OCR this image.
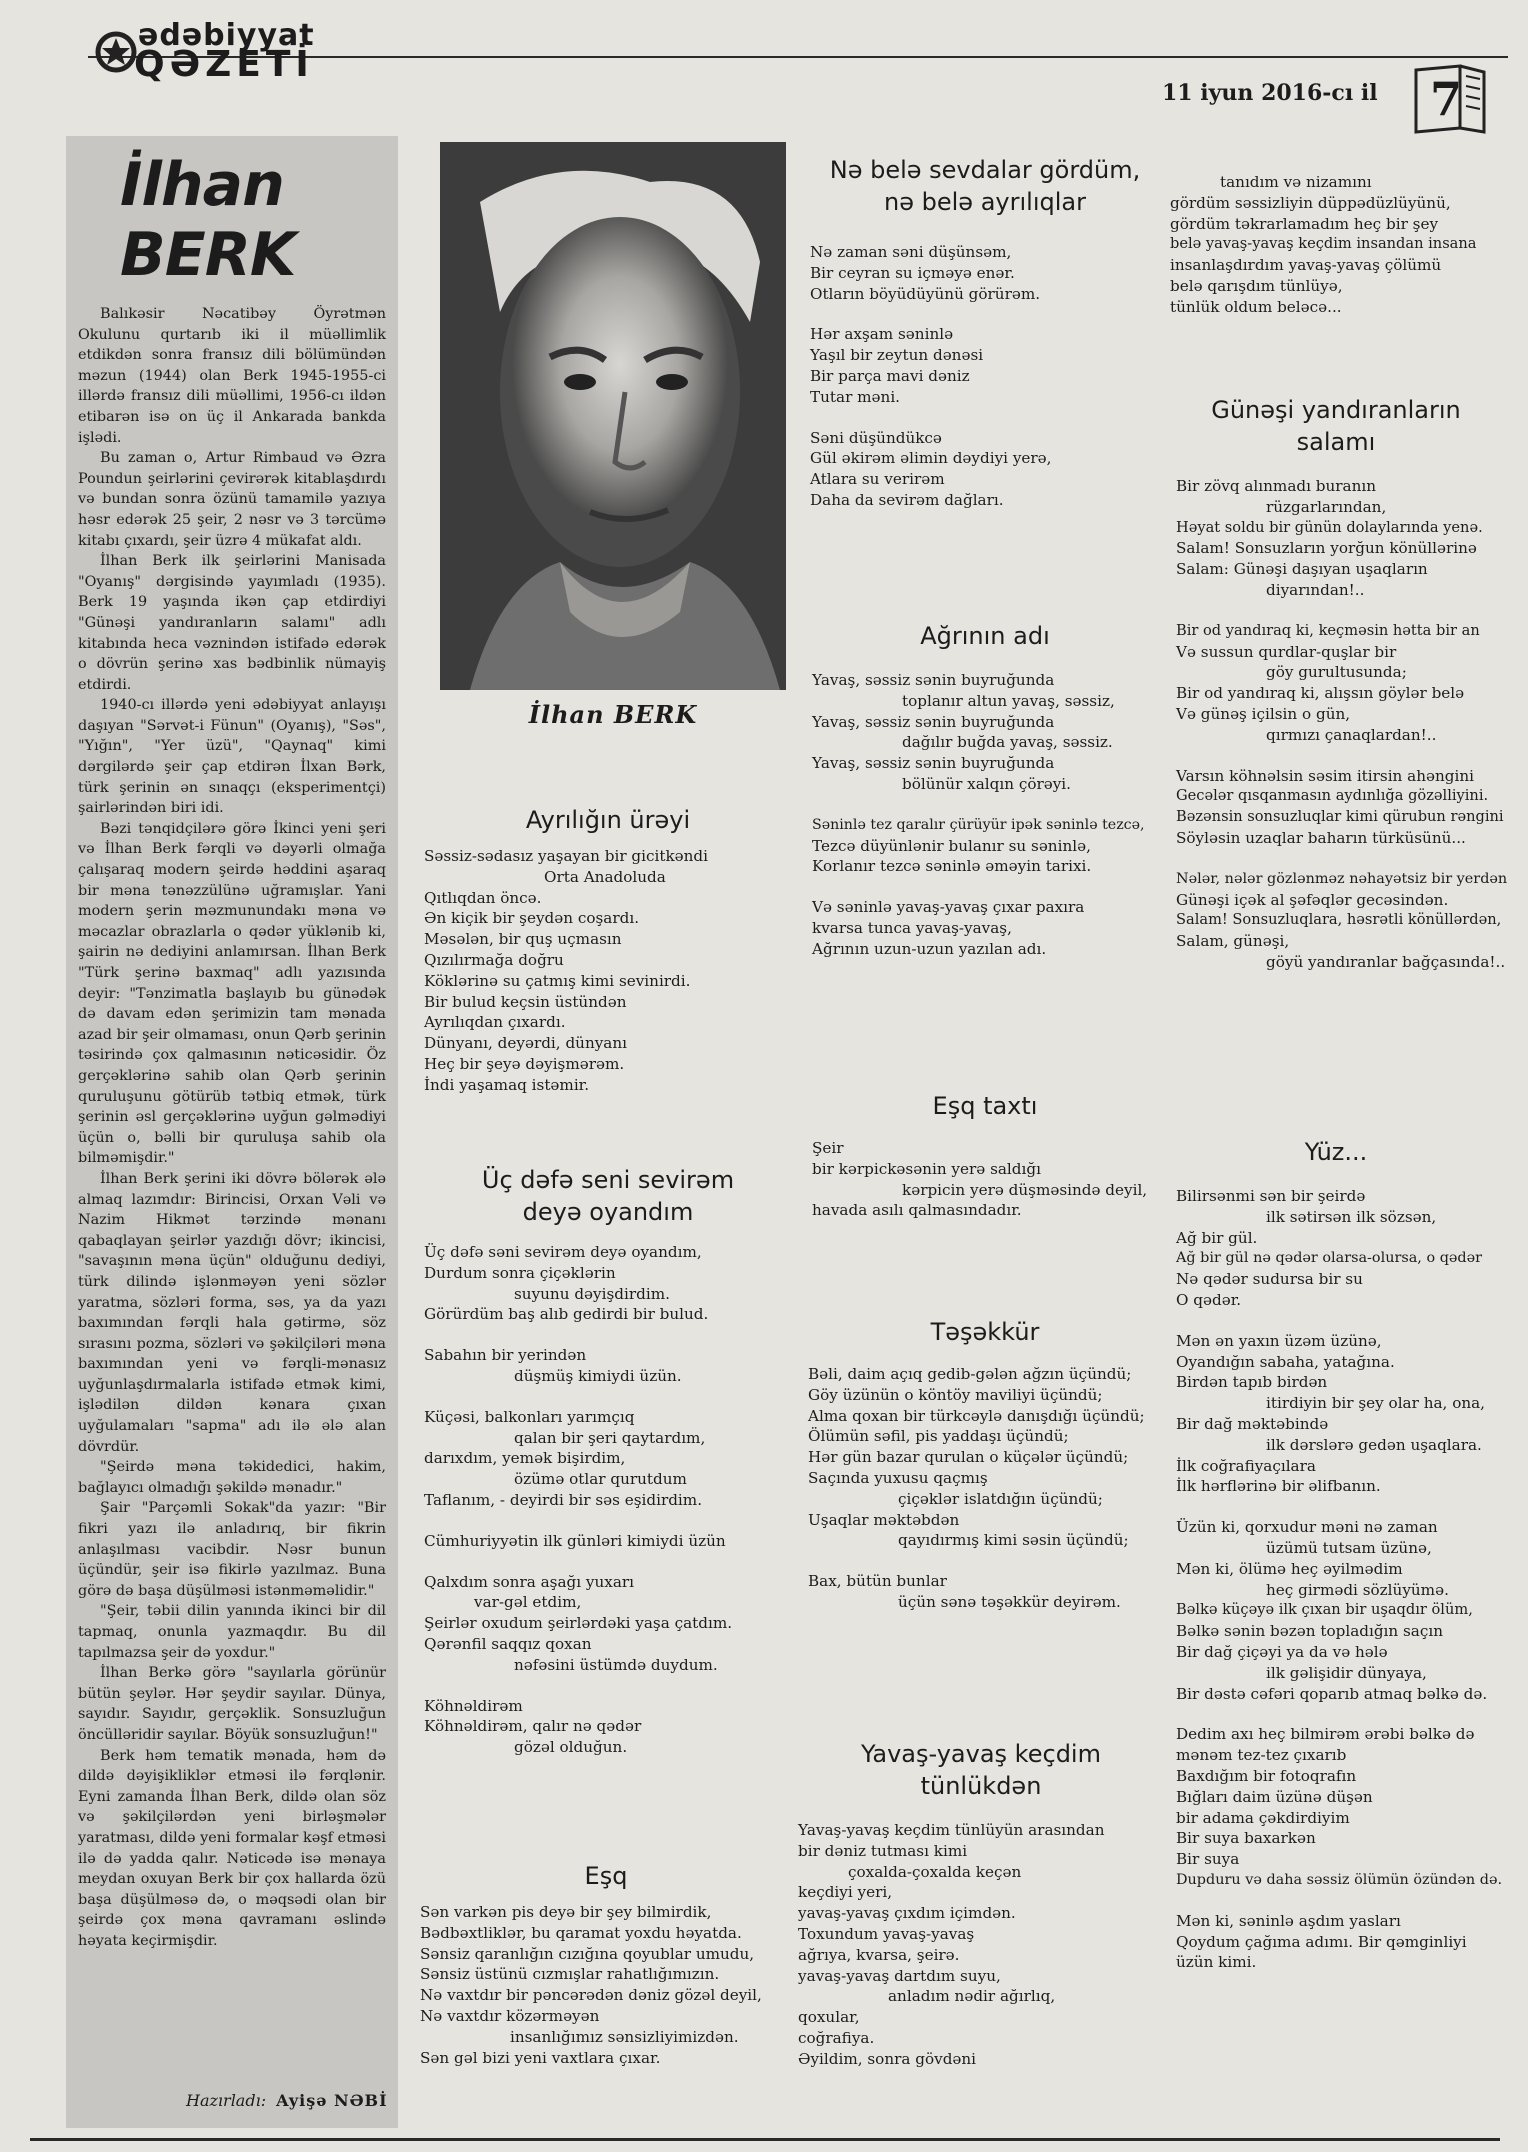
ədəbiyyat
QƏZETİ
11 iyun 2016-cı il 7
İlhan BERK

Balıkəsir Nəcatibəy Öyrətmən Okulunu qurtarıb iki il müəllimlik etdikdən sonra fransız dili bölümündən məzun (1944) olan Berk 1945-1955-ci illərdə fransız dili müəllimi, 1956-cı ildən etibarən isə on üç il Ankarada bankda işlədi.

Bu zaman o, Artur Rimbaud və Əzra Poundun şeirlərini çevirərək kitablaşdırdı və bundan sonra özünü tamamilə yazıya həsr edərək 25 şeir, 2 nəsr və 3 tərcümə kitabı çıxardı, şeir üzrə 4 mükafat aldı.

İlhan Berk ilk şeirlərini Manisada "Oyanış" dərgisində yayımladı (1935). Berk 19 yaşında ikən çap etdirdiyi "Günəşi yandıranların salamı" adlı kitabında heca vəznindən istifadə edərək o dövrün şerinə xas bədbinlik nümayiş etdirdi.

1940-cı illərdə yeni ədəbiyyat anlayışı daşıyan "Sərvət-i Fünun" (Oyanış), "Səs", "Yığın", "Yer üzü", "Qaynaq" kimi dərgilərdə şeir çap etdirən İlxan Bərk, türk şerinin ən sınaqçı (eksperimentçi) şairlərindən biri idi.

Bəzi tənqidçilərə görə İkinci yeni şeri və İlhan Berk fərqli və dəyərli olmağa çalışaraq modern şeirdə həddini aşaraq bir məna tənəzzülünə uğramışlar. Yani modern şerin məzmunundakı məna və məcazlar obrazlarla o qədər yüklənib ki, şairin nə dediyini anlamırsan. İlhan Berk "Türk şerinə baxmaq" adlı yazısında deyir: "Tənzimatla başlayıb bu günədək də davam edən şerimizin tam mənada azad bir şeir olmaması, onun Qərb şerinin təsirində çox qalmasının nəticəsidir. Öz gerçəklərinə sahib olan Qərb şerinin quruluşunu götürüb tətbiq etmək, türk şerinin əsl gerçəklərinə uyğun gəlmədiyi üçün o, bəlli bir quruluşa sahib ola bilməmişdir."

İlhan Berk şerini iki dövrə bölərək ələ almaq lazımdır: Birincisi, Orxan Vəli və Nazim Hikmət tərzində mənanı qabaqlayan şeirlər yazdığı dövr; ikincisi, "savaşının məna üçün" olduğunu dediyi, türk dilində işlənməyən yeni sözlər yaratma, sözləri forma, səs, ya da yazı baxımından fərqli hala gətirmə, söz sırasını pozma, sözləri və şəkilçiləri məna baxımından yeni və fərqli-mənasız uyğunlaşdırmalarla istifadə etmək kimi, işlədilən dildən kənara çıxan uyğulamaları "sapma" adı ilə ələ alan dövrdür.

"Şeirdə məna təkidedici, hakim, bağlayıcı olmadığı şəkildə mənadır."

Şair "Parçəmli Sokak"da yazır: "Bir fikri yazı ilə anladırıq, bir fikrin anlaşılması vacibdir. Nəsr bunun üçündür, şeir isə fikirlə yazılmaz. Buna görə də başa düşülməsi istənməməlidir."

"Şeir, təbii dilin yanında ikinci bir dil tapmaq, onunla yazmaqdır. Bu dil tapılmazsa şeir də yoxdur."

İlhan Berkə görə "sayılarla görünür bütün şeylər. Hər şeydir sayılar. Dünya, sayıdır. Sayıdır, gerçəklik. Sonsuzluğun öncülləridir sayılar. Böyük sonsuzluğun!"

Berk həm tematik mənada, həm də dildə dəyişikliklər etməsi ilə fərqlənir. Eyni zamanda İlhan Berk, dildə olan söz və şəkilçilərdən yeni birləşmələr yaratması, dildə yeni formalar kəşf etməsi ilə də yadda qalır. Nəticədə isə mənaya meydan oxuyan Berk bir çox hallarda özü başa düşülməsə də, o məqsədi olan bir şeirdə çox məna qavramanı əslində həyata keçirmişdir.

Hazırladı: Ayişə NƏBİ
İlhan BERK

Ayrılığın ürəyi

Səssiz-sədasız yaşayan bir gicitkəndi

Orta Anadoluda

Qıtlıqdan öncə.

Ən kiçik bir şeydən coşardı.

Məsələn, bir quş uçmasın

Qızılırmağa doğru

Köklərinə su çatmış kimi sevinirdi.

Bir bulud keçsin üstündən

Ayrılıqdan çıxardı.

Dünyanı, deyərdi, dünyanı

Heç bir şeyə dəyişmərəm.

İndi yaşamaq istəmir.

Üç dəfə seni sevirəm deyə oyandım

Üç dəfə səni sevirəm deyə oyandım,

Durdum sonra çiçəklərin

suyunu dəyişdirdim.

Görürdüm baş alıb gedirdi bir bulud.

Sabahın bir yerindən

düşmüş kimiydi üzün.

Küçəsi, balkonları yarımçıq

qalan bir şeri qaytardım,

darıxdım, yemək bişirdim,

özümə otlar qurutdum

Taflanım, - deyirdi bir səs eşidirdim.

Cümhuriyyətin ilk günləri kimiydi üzün

Qalxdım sonra aşağı yuxarı

var-gəl etdim,

Şeirlər oxudum şeirlərdəki yaşa çatdım.

Qərənfil saqqız qoxan

nəfəsini üstümdə duydum.

Köhnəldirəm

Köhnəldirəm, qalır nə qədər

gözəl olduğun.

Eşq

Sən varkən pis deyə bir şey bilmirdik,

Bədbəxtliklər, bu qaramat yoxdu həyatda.

Sənsiz qaranlığın cızığına qoyublar umudu,

Sənsiz üstünü cızmışlar rahatlığımızın.

Nə vaxtdır bir pəncərədən dəniz gözəl deyil,

Nə vaxtdır közərməyən

insanlığımız sənsizliyimizdən.

Sən gəl bizi yeni vaxtlara çıxar.

Nə belə sevdalar gördüm, nə belə ayrılıqlar

Nə zaman səni düşünsəm,

Bir ceyran su içməyə enər.

Otların böyüdüyünü görürəm.

Hər axşam səninlə

Yaşıl bir zeytun dənəsi

Bir parça mavi dəniz

Tutar məni.

Səni düşündükcə

Gül əkirəm əlimin dəydiyi yerə,

Atlara su verirəm

Daha da sevirəm dağları.

Ağrının adı

Yavaş, səssiz sənin buyruğunda

toplanır altun yavaş, səssiz,

Yavaş, səssiz sənin buyruğunda

dağılır buğda yavaş, səssiz.

Yavaş, səssiz sənin buyruğunda

bölünür xalqın çörəyi.

Səninlə tez qaralır çürüyür ipək səninlə tezcə,

Tezcə düyünlənir bulanır su səninlə,

Korlanır tezcə səninlə əməyin tarixi.

Və səninlə yavaş-yavaş çıxar paxıra kvarsa tunca yavaş-yavaş,

Ağrının uzun-uzun yazılan adı.

Eşq taxtı

Şeir

bir kərpickəsənin yerə saldığı

kərpicin yerə düşməsində deyil,

havada asılı qalmasındadır.

Təşəkkür

Bəli, daim açıq gedib-gələn ağzın üçündü;

Göy üzünün o köntöy maviliyi üçündü;

Alma qoxan bir türkcəylə danışdığı üçündü;

Ölümün səfil, pis yaddaşı üçündü;

Hər gün bazar qurulan o küçələr üçündü;

Saçında yuxusu qaçmış

çiçəklər islatdığın üçündü;

Uşaqlar məktəbdən

qayıdırmış kimi səsin üçündü;

Bax, bütün bunlar

üçün sənə təşəkkür deyirəm.

Yavaş-yavaş keçdim tünlükdən

Yavaş-yavaş keçdim tünlüyün arasından

bir dəniz tutması kimi

çoxalda-çoxalda keçən

keçdiyi yeri,

yavaş-yavaş çıxdım içimdən.

Toxundum yavaş-yavaş

ağrıya, kvarsa, şeirə.

yavaş-yavaş dartdım suyu,

anladım nədir ağırlıq,

qoxular,

coğrafiya.

Əyildim, sonra gövdəni

tanıdım və nizamını

gördüm səssizliyin düppədüzlüyünü,

gördüm təkrarlamadım heç bir şey

belə yavaş-yavaş keçdim insandan insana

insanlaşdırdım yavaş-yavaş çölümü

belə qarışdım tünlüyə,

tünlük oldum beləcə...

Günəşi yandıranların salamı

Bir zövq alınmadı buranın

rüzgarlarından,

Həyat soldu bir günün dolaylarında yenə.

Salam! Sonsuzların yorğun könüllərinə

Salam: Günəşi daşıyan uşaqların

diyarından!..

Bir od yandıraq ki, keçməsin hətta bir an

Və sussun qurdlar-quşlar bir

göy gurultusunda;

Bir od yandıraq ki, alışsın göylər belə

Və günəş içilsin o gün,

qırmızı çanaqlardan!..

Varsın köhnəlsin səsim itirsin ahəngini

Gecələr qısqanmasın aydınlığa gözəlliyini.

Bəzənsin sonsuzluqlar kimi qürubun rəngini

Söyləsin uzaqlar baharın türküsünü...

Nələr, nələr gözlənməz nəhayətsiz bir yerdən

Günəşi içək al şəfəqlər gecəsindən.

Salam! Sonsuzluqlara, həsrətli könüllərdən,

Salam, günəşi,

göyü yandıranlar bağçasında!..

Yüz...

Bilirsənmi sən bir şeirdə

ilk sətirsən ilk sözsən,

Ağ bir gül.

Ağ bir gül nə qədər olarsa-olursa, o qədər

Nə qədər sudursa bir su

O qədər.

Mən ən yaxın üzəm üzünə,

Oyandığın sabaha, yatağına.

Birdən tapıb birdən

itirdiyin bir şey olar ha, ona,

Bir dağ məktəbində

ilk dərslərə gedən uşaqlara.

İlk coğrafiyaçılara

İlk hərflərinə bir əlifbanın.

Üzün ki, qorxudur məni nə zaman

üzümü tutsam üzünə,

Mən ki, ölümə heç əyilmədim

heç girmədi sözlüyümə.

Bəlkə küçəyə ilk çıxan bir uşaqdır ölüm,

Bəlkə sənin bəzən topladığın saçın

Bir dağ çiçəyi ya da və hələ

ilk gəlişidir dünyaya,

Bir dəstə cəfəri qoparıb atmaq bəlkə də.

Dedim axı heç bilmirəm ərəbi bəlkə də

mənəm tez-tez çıxarıb

Baxdığım bir fotoqrafın

Bığları daim üzünə düşən

bir adama çəkdirdiyim

Bir suya baxarkən

Bir suya

Dupduru və daha səssiz ölümün özündən də.

Mən ki, səninlə aşdım yasları

Qoydum çağıma adımı. Bir qəmginliyi

üzün kimi.
